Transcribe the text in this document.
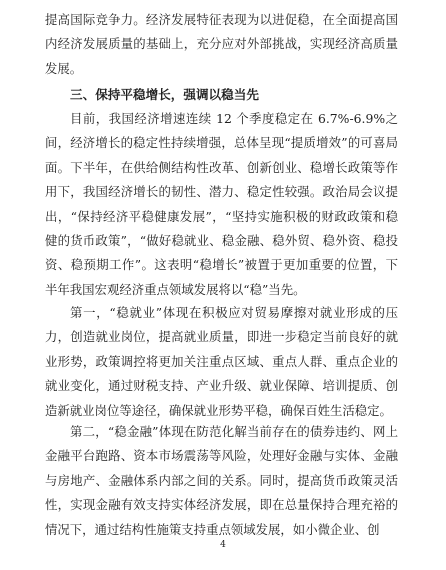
提高国际竞争力。经济发展特征表现为以进促稳，在全面提高国内经济发展质量的基础上，充分应对外部挑战，实现经济高质量发展。

三、保持平稳增长，强调以稳当先

目前，我国经济增速连续 12 个季度稳定在 6.7%-6.9%之间，经济增长的稳定性持续增强，总体呈现“提质增效”的可喜局面。下半年，在供给侧结构性改革、创新创业、稳增长政策等作用下，我国经济增长的韧性、潜力、稳定性较强。政治局会议提出，“保持经济平稳健康发展”，“坚持实施积极的财政政策和稳健的货币政策”，“做好稳就业、稳金融、稳外贸、稳外资、稳投资、稳预期工作”。这表明“稳增长”被置于更加重要的位置，下半年我国宏观经济重点领域发展将以“稳”当先。

第一，“稳就业”体现在积极应对贸易摩擦对就业形成的压力，创造就业岗位，提高就业质量，即进一步稳定当前良好的就业形势，政策调控将更加关注重点区域、重点人群、重点企业的就业变化，通过财税支持、产业升级、就业保障、培训提质、创造新就业岗位等途径，确保就业形势平稳，确保百姓生活稳定。

第二，“稳金融”体现在防范化解当前存在的债券违约、网上金融平台跑路、资本市场震荡等风险，处理好金融与实体、金融与房地产、金融体系内部之间的关系。同时，提高货币政策灵活性，实现金融有效支持实体经济发展，即在总量保持合理充裕的情况下，通过结构性施策支持重点领域发展，如小微企业、创

4
